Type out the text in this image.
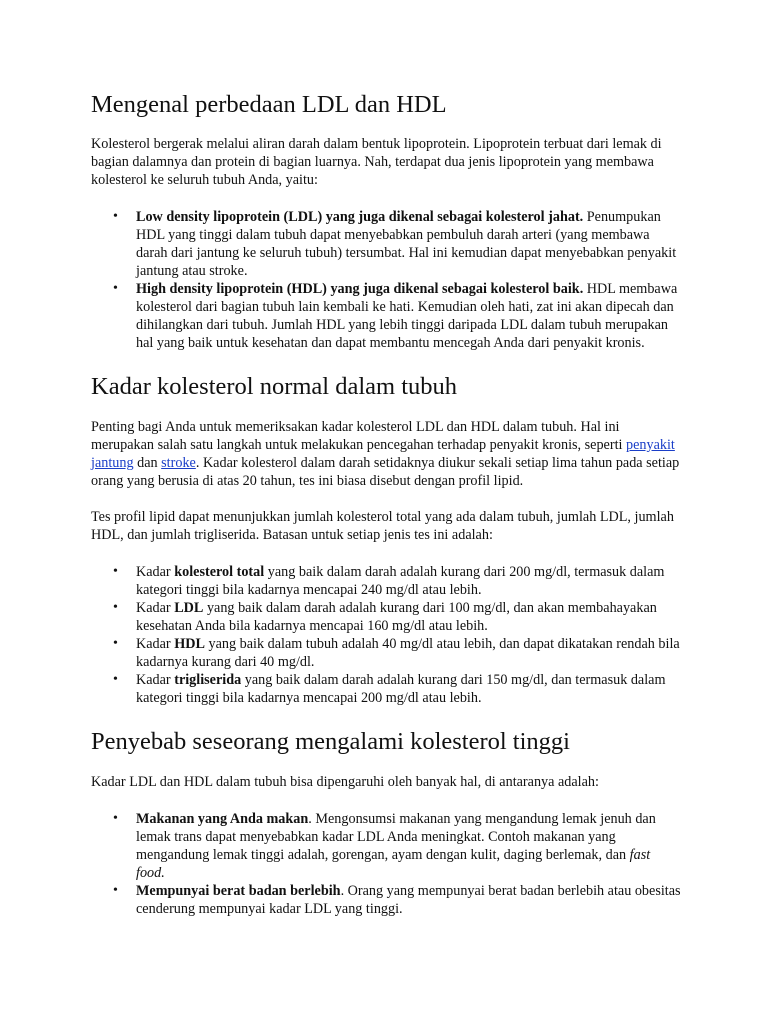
Mengenal perbedaan LDL dan HDL

Kolesterol bergerak melalui aliran darah dalam bentuk lipoprotein. Lipoprotein terbuat dari lemak di bagian dalamnya dan protein di bagian luarnya. Nah, terdapat dua jenis lipoprotein yang membawa kolesterol ke seluruh tubuh Anda, yaitu:

• Low density lipoprotein (LDL) yang juga dikenal sebagai kolesterol jahat. Penumpukan HDL yang tinggi dalam tubuh dapat menyebabkan pembuluh darah arteri (yang membawa darah dari jantung ke seluruh tubuh) tersumbat. Hal ini kemudian dapat menyebabkan penyakit jantung atau stroke.
• High density lipoprotein (HDL) yang juga dikenal sebagai kolesterol baik. HDL membawa kolesterol dari bagian tubuh lain kembali ke hati. Kemudian oleh hati, zat ini akan dipecah dan dihilangkan dari tubuh. Jumlah HDL yang lebih tinggi daripada LDL dalam tubuh merupakan hal yang baik untuk kesehatan dan dapat membantu mencegah Anda dari penyakit kronis.
Kadar kolesterol normal dalam tubuh

Penting bagi Anda untuk memeriksakan kadar kolesterol LDL dan HDL dalam tubuh. Hal ini merupakan salah satu langkah untuk melakukan pencegahan terhadap penyakit kronis, seperti penyakit jantung dan stroke. Kadar kolesterol dalam darah setidaknya diukur sekali setiap lima tahun pada setiap orang yang berusia di atas 20 tahun, tes ini biasa disebut dengan profil lipid.

Tes profil lipid dapat menunjukkan jumlah kolesterol total yang ada dalam tubuh, jumlah LDL, jumlah HDL, dan jumlah trigliserida. Batasan untuk setiap jenis tes ini adalah:

• Kadar kolesterol total yang baik dalam darah adalah kurang dari 200 mg/dl, termasuk dalam kategori tinggi bila kadarnya mencapai 240 mg/dl atau lebih.
• Kadar LDL yang baik dalam darah adalah kurang dari 100 mg/dl, dan akan membahayakan kesehatan Anda bila kadarnya mencapai 160 mg/dl atau lebih.
• Kadar HDL yang baik dalam tubuh adalah 40 mg/dl atau lebih, dan dapat dikatakan rendah bila kadarnya kurang dari 40 mg/dl.
• Kadar trigliserida yang baik dalam darah adalah kurang dari 150 mg/dl, dan termasuk dalam kategori tinggi bila kadarnya mencapai 200 mg/dl atau lebih.
Penyebab seseorang mengalami kolesterol tinggi

Kadar LDL dan HDL dalam tubuh bisa dipengaruhi oleh banyak hal, di antaranya adalah:

• Makanan yang Anda makan. Mengonsumsi makanan yang mengandung lemak jenuh dan lemak trans dapat menyebabkan kadar LDL Anda meningkat. Contoh makanan yang mengandung lemak tinggi adalah, gorengan, ayam dengan kulit, daging berlemak, dan fast food.
• Mempunyai berat badan berlebih. Orang yang mempunyai berat badan berlebih atau obesitas cenderung mempunyai kadar LDL yang tinggi.
